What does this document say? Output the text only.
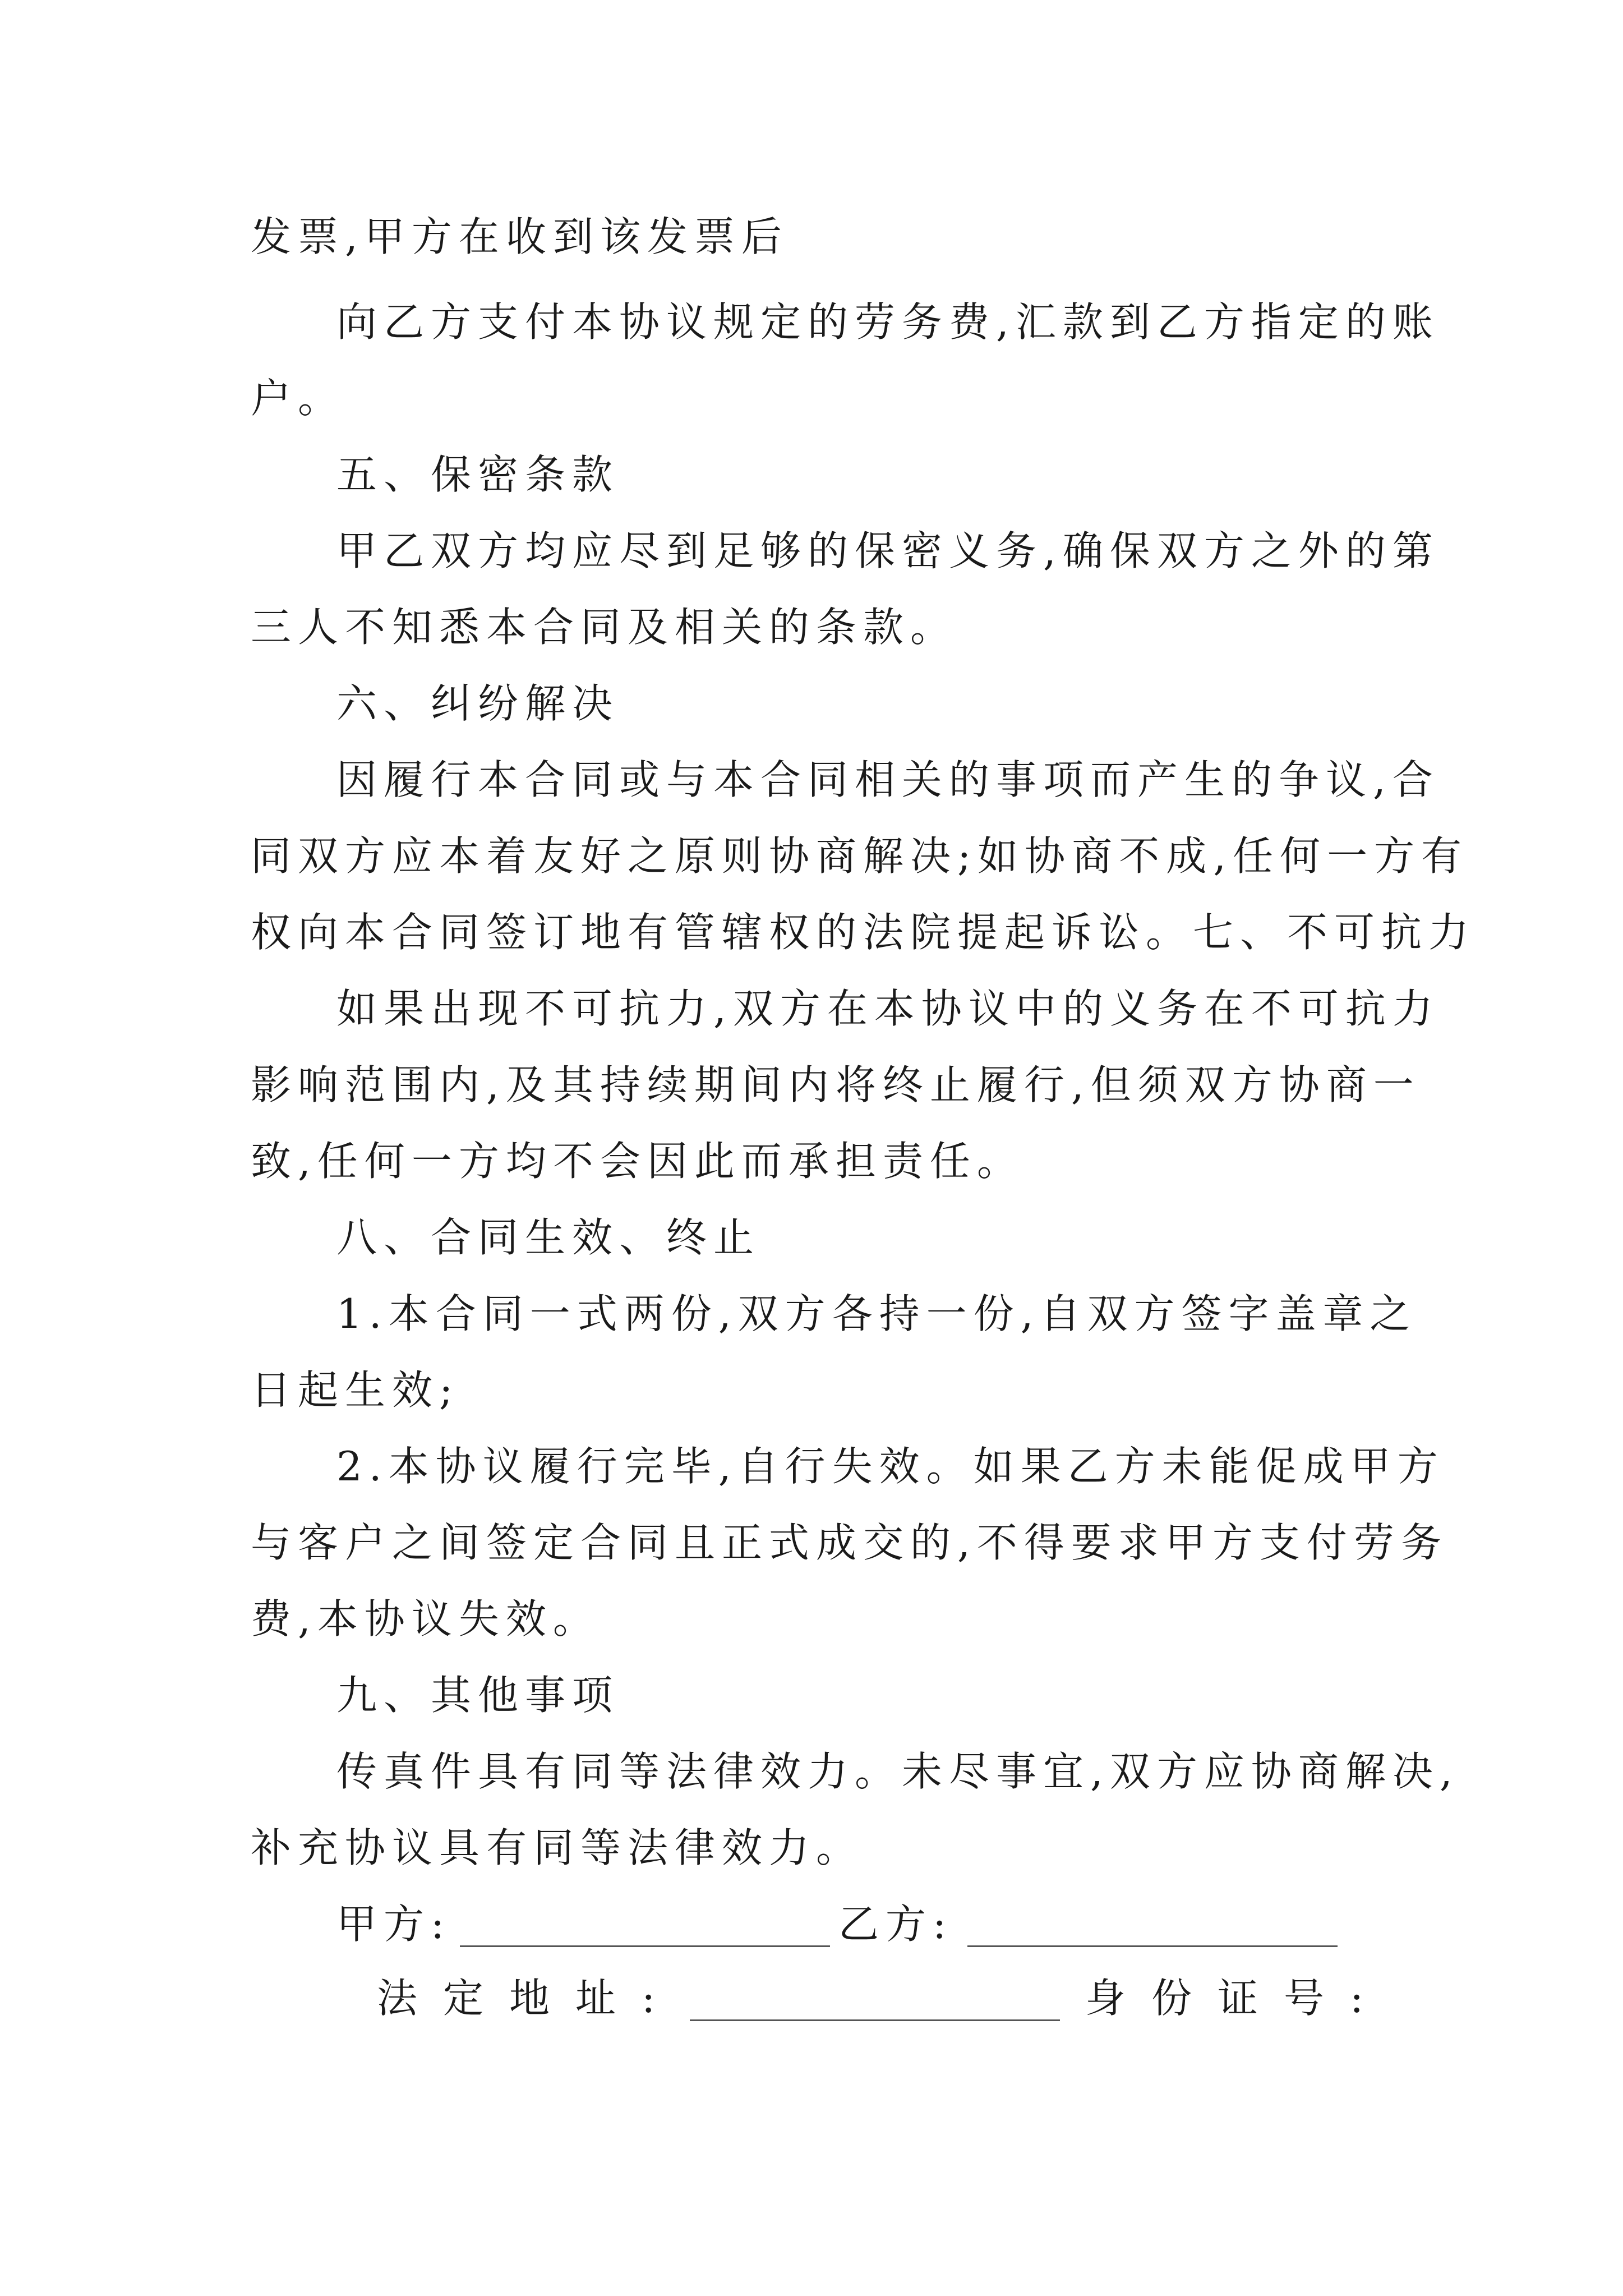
发票,甲方在收到该发票后
向乙方支付本协议规定的劳务费,汇款到乙方指定的账
户。
五、保密条款
甲乙双方均应尽到足够的保密义务,确保双方之外的第
三人不知悉本合同及相关的条款。
六、纠纷解决
因履行本合同或与本合同相关的事项而产生的争议,合
同双方应本着友好之原则协商解决;如协商不成,任何一方有
权向本合同签订地有管辖权的法院提起诉讼。七、不可抗力
如果出现不可抗力,双方在本协议中的义务在不可抗力
影响范围内,及其持续期间内将终止履行,但须双方协商一
致,任何一方均不会因此而承担责任。
八、合同生效、终止
1.本合同一式两份,双方各持一份,自双方签字盖章之
日起生效;
2.本协议履行完毕,自行失效。如果乙方未能促成甲方
与客户之间签定合同且正式成交的,不得要求甲方支付劳务
费,本协议失效。
九、其他事项
传真件具有同等法律效力。未尽事宜,双方应协商解决,
补充协议具有同等法律效力。
甲方:	乙方:
法定地址:	身份证号:
